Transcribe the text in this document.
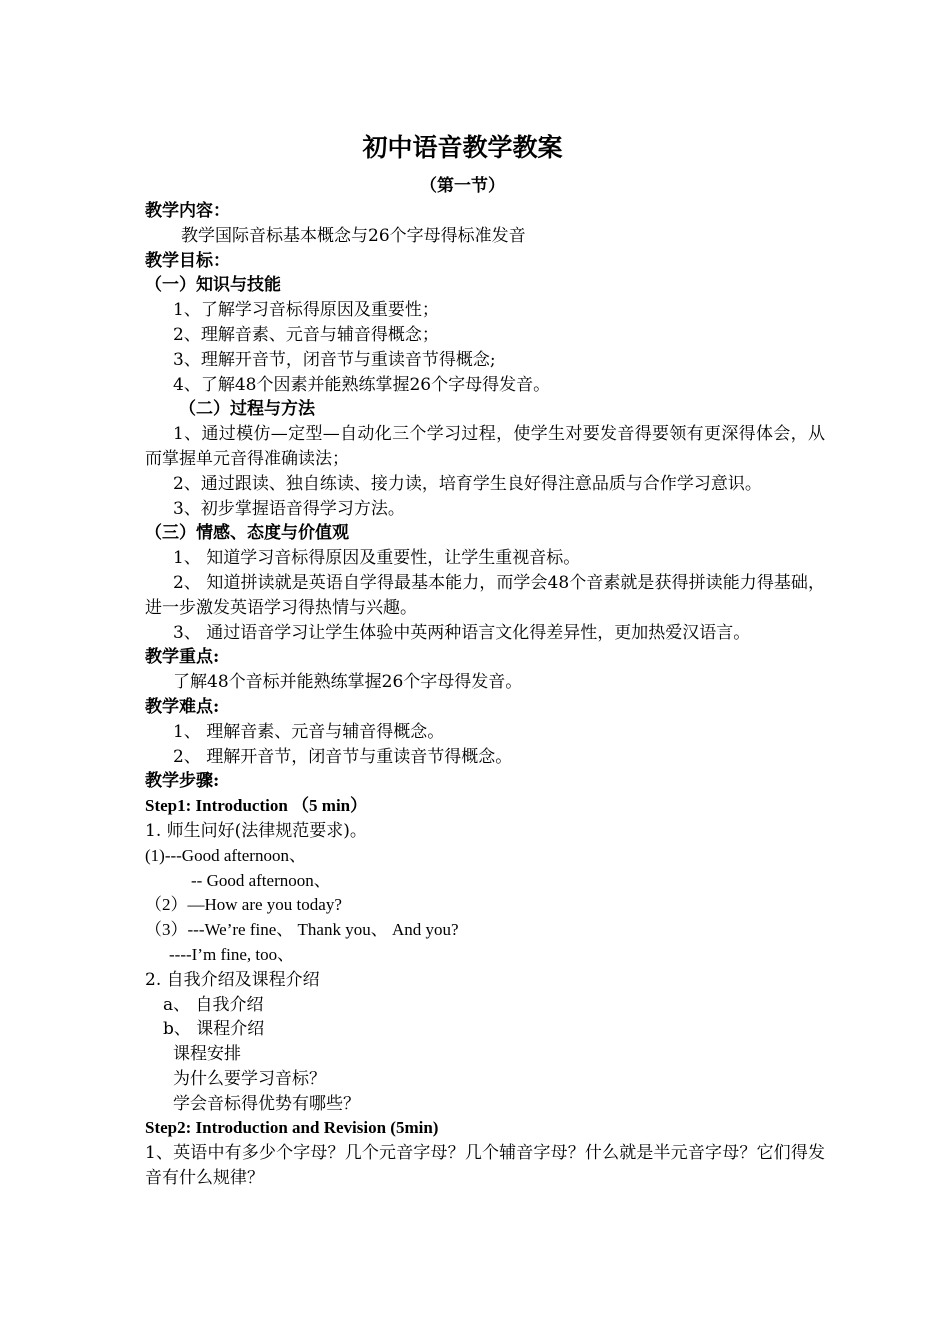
初中语音教学教案
（第一节）

教学内容：

教学国际音标基本概念与26个字母得标准发音

教学目标：

（一）知识与技能

1、了解学习音标得原因及重要性；

2、理解音素、元音与辅音得概念；

3、理解开音节，闭音节与重读音节得概念;

4、了解48个因素并能熟练掌握26个字母得发音。

（二）过程与方法

1、通过模仿—定型—自动化三个学习过程，使学生对要发音得要领有更深得体会，从而掌握单元音得准确读法；

2、通过跟读、独自练读、接力读，培育学生良好得注意品质与合作学习意识。

3、初步掌握语音得学习方法。

（三）情感、态度与价值观

1、 知道学习音标得原因及重要性，让学生重视音标。

2、 知道拼读就是英语自学得最基本能力，而学会48个音素就是获得拼读能力得基础，进一步激发英语学习得热情与兴趣。

3、 通过语音学习让学生体验中英两种语言文化得差异性，更加热爱汉语言。

教学重点:

了解48个音标并能熟练掌握26个字母得发音。

教学难点:

1、 理解音素、元音与辅音得概念。

2、 理解开音节，闭音节与重读音节得概念。

教学步骤:

Step1: Introduction （5 min）

1. 师生问好(法律规范要求)。

(1)---Good afternoon、

-- Good afternoon、

（2）—How are you today?

（3）---We’re fine、 Thank you、 And you?

----I’m fine, too、

2. 自我介绍及课程介绍

a、 自我介绍

b、 课程介绍

课程安排

为什么要学习音标？

学会音标得优势有哪些？

Step2: Introduction and Revision (5min)

1、英语中有多少个字母？几个元音字母？几个辅音字母？什么就是半元音字母？它们得发音有什么规律？
